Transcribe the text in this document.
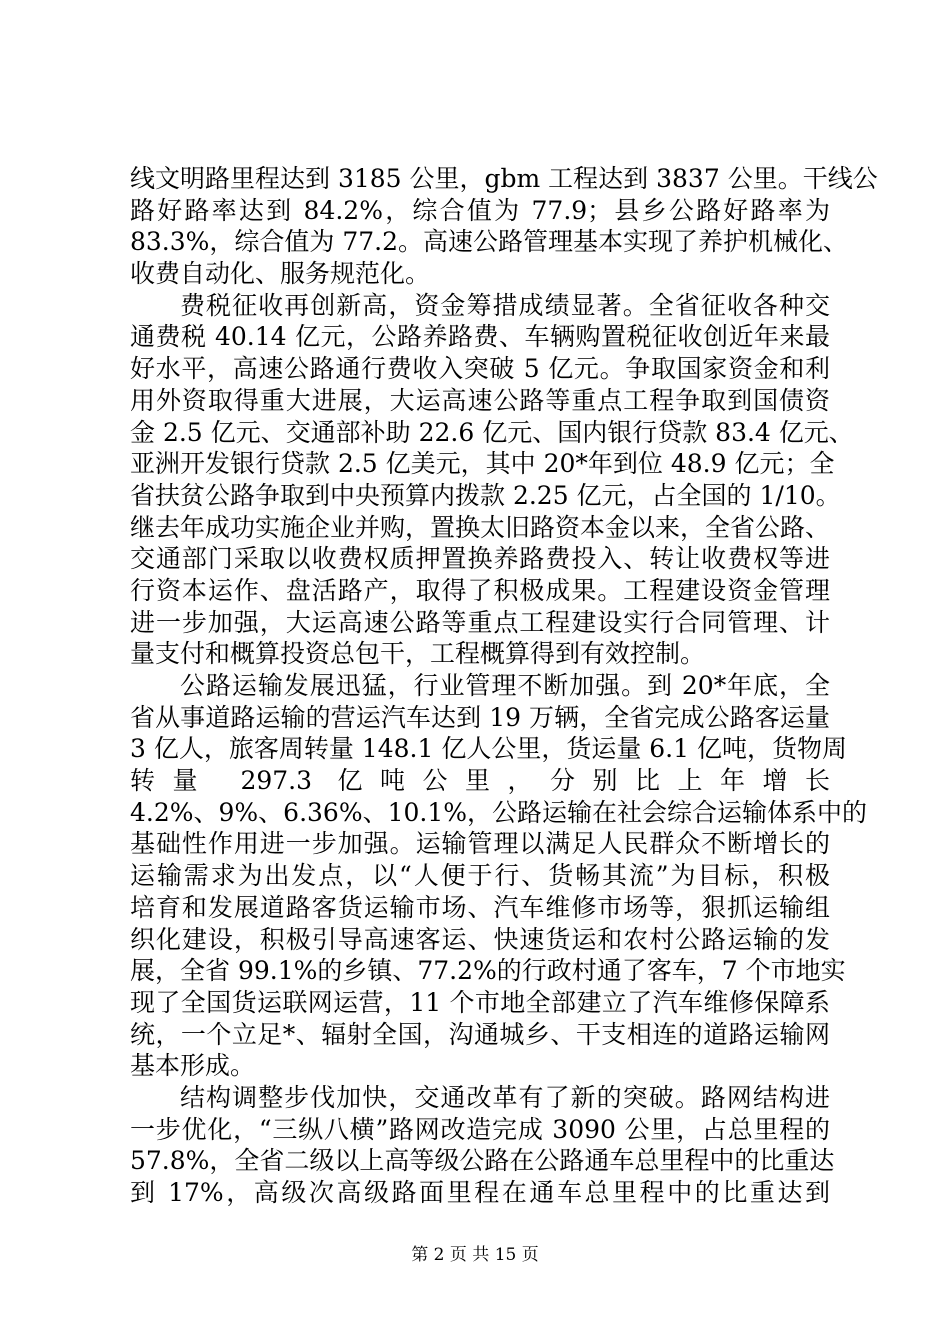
线文明路里程达到 3185 公里，gbm 工程达到 3837 公里。干线公
路好路率达到 84.2%，综合值为 77.9；县乡公路好路率为
83.3%，综合值为 77.2。高速公路管理基本实现了养护机械化、
收费自动化、服务规范化。
费税征收再创新高，资金筹措成绩显著。全省征收各种交
通费税 40.14 亿元，公路养路费、车辆购置税征收创近年来最
好水平，高速公路通行费收入突破 5 亿元。争取国家资金和利
用外资取得重大进展，大运高速公路等重点工程争取到国债资
金 2.5 亿元、交通部补助 22.6 亿元、国内银行贷款 83.4 亿元、
亚洲开发银行贷款 2.5 亿美元，其中 20*年到位 48.9 亿元；全
省扶贫公路争取到中央预算内拨款 2.25 亿元，占全国的 1/10。
继去年成功实施企业并购，置换太旧路资本金以来，全省公路、
交通部门采取以收费权质押置换养路费投入、转让收费权等进
行资本运作、盘活路产，取得了积极成果。工程建设资金管理
进一步加强，大运高速公路等重点工程建设实行合同管理、计
量支付和概算投资总包干，工程概算得到有效控制。
公路运输发展迅猛，行业管理不断加强。到 20*年底，全
省从事道路运输的营运汽车达到 19 万辆，全省完成公路客运量
3 亿人，旅客周转量 148.1 亿人公里，货运量 6.1 亿吨，货物周
转量 297.3 亿吨公里，分别比上年增长
4.2%、9%、6.36%、10.1%，公路运输在社会综合运输体系中的
基础性作用进一步加强。运输管理以满足人民群众不断增长的
运输需求为出发点，以“人便于行、货畅其流”为目标，积极
培育和发展道路客货运输市场、汽车维修市场等，狠抓运输组
织化建设，积极引导高速客运、快速货运和农村公路运输的发
展，全省 99.1%的乡镇、77.2%的行政村通了客车，7 个市地实
现了全国货运联网运营，11 个市地全部建立了汽车维修保障系
统，一个立足*、辐射全国，沟通城乡、干支相连的道路运输网
基本形成。
结构调整步伐加快，交通改革有了新的突破。路网结构进
一步优化，“三纵八横”路网改造完成 3090 公里，占总里程的
57.8%，全省二级以上高等级公路在公路通车总里程中的比重达
到 17%，高级次高级路面里程在通车总里程中的比重达到
第 2 页 共 15 页
